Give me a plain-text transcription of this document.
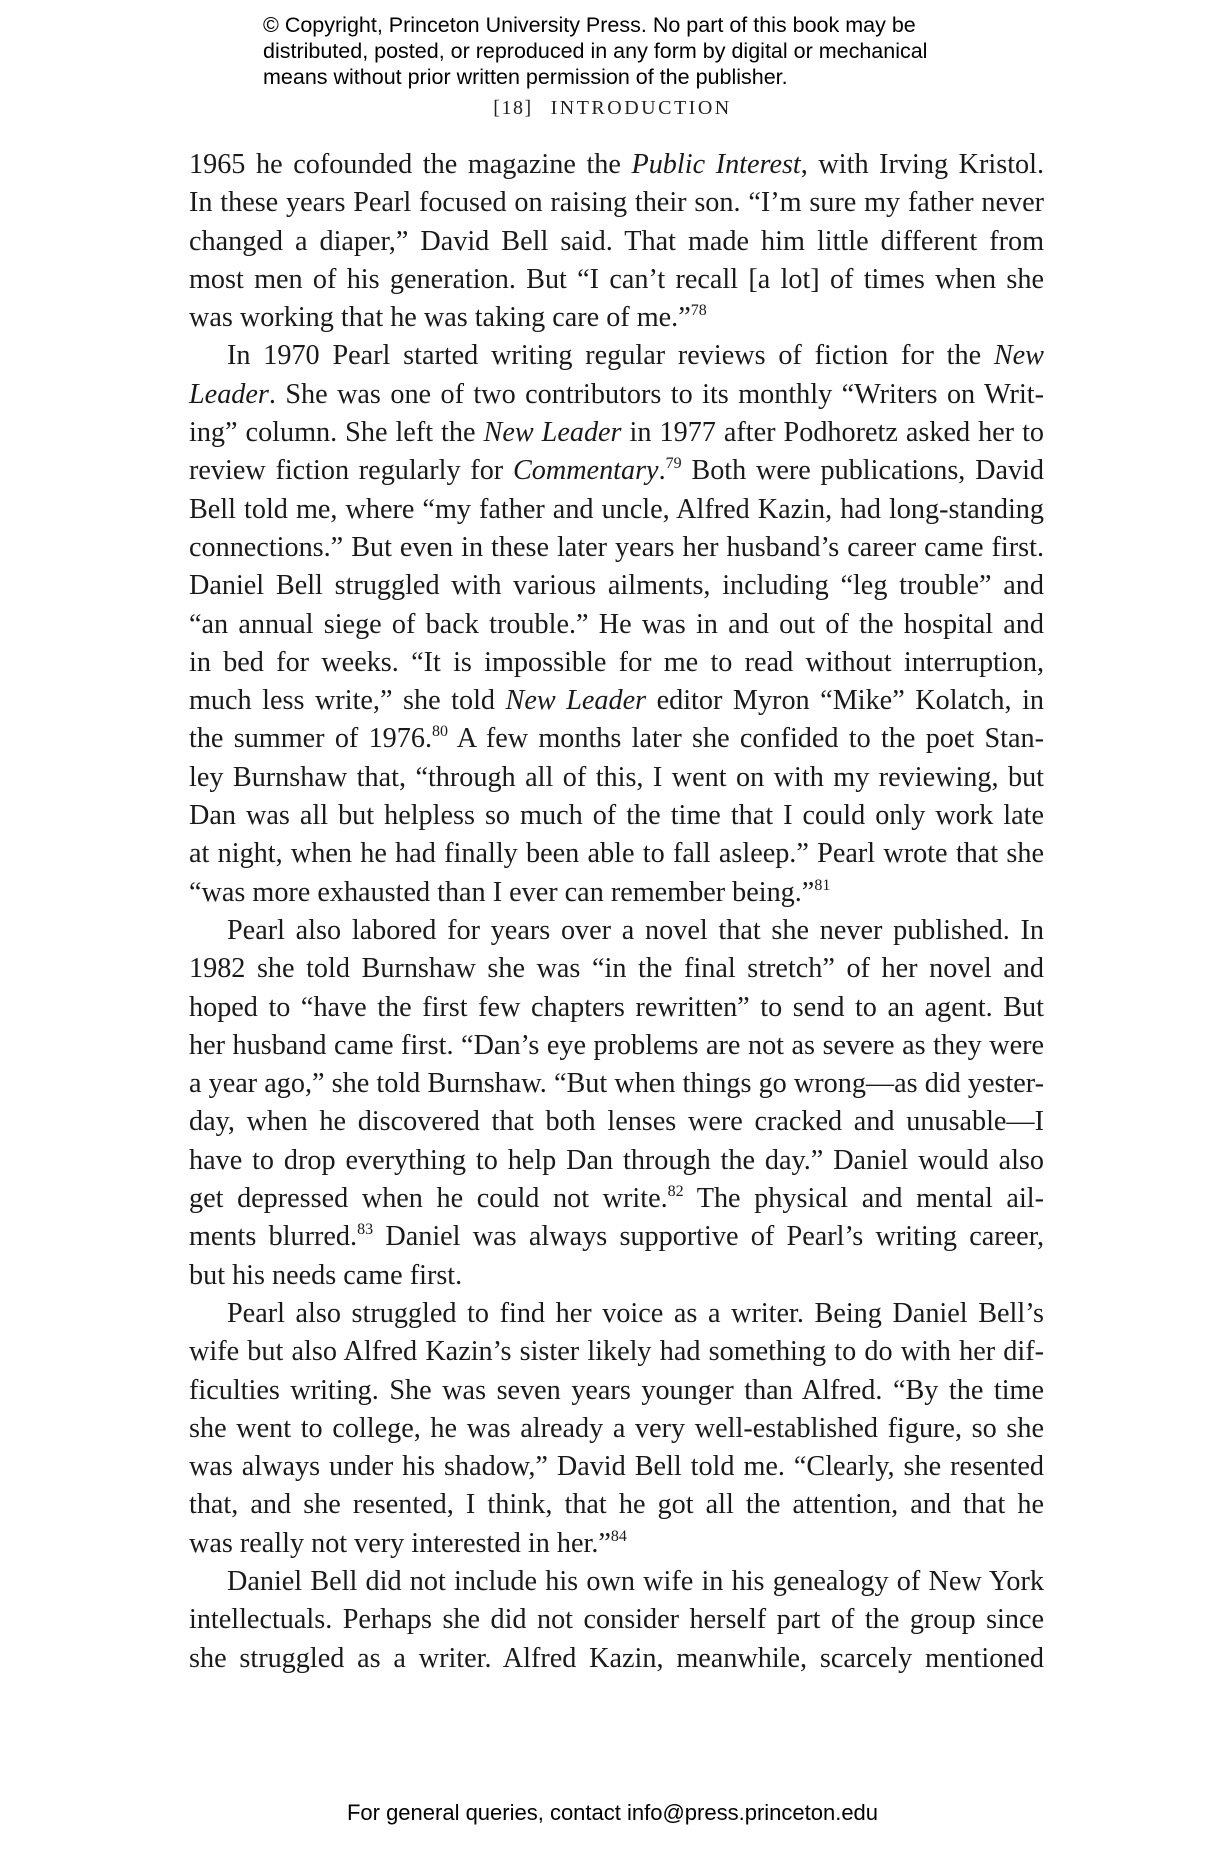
© Copyright, Princeton University Press. No part of this book may be
distributed, posted, or reproduced in any form by digital or mechanical
means without prior written permission of the publisher.
[18] INTRODUCTION

1965 he cofounded the magazine the Public Interest, with Irving Kristol.
In these years Pearl focused on raising their son. “I’m sure my father never
changed a diaper,” David Bell said. That made him little different from
most men of his generation. But “I can’t recall [a lot] of times when she
was working that he was taking care of me.”$^{78}$

In 1970 Pearl started writing regular reviews of fiction for the New
Leader. She was one of two contributors to its monthly “Writers on Writ-
ing” column. She left the New Leader in 1977 after Podhoretz asked her to
review fiction regularly for Commentary.$^{79}$ Both were publications, David
Bell told me, where “my father and uncle, Alfred Kazin, had long-standing
connections.” But even in these later years her husband’s career came first.
Daniel Bell struggled with various ailments, including “leg trouble” and
“an annual siege of back trouble.” He was in and out of the hospital and
in bed for weeks. “It is impossible for me to read without interruption,
much less write,” she told New Leader editor Myron “Mike” Kolatch, in
the summer of 1976.80 A few months later she confided to the poet Stan-
ley Burnshaw that, “through all of this, I went on with my reviewing, but
Dan was all but helpless so much of the time that I could only work late
at night, when he had finally been able to fall asleep.” Pearl wrote that she
“was more exhausted than I ever can remember being.”$^{81}$

Pearl also labored for years over a novel that she never published. In
1982 she told Burnshaw she was “in the final stretch” of her novel and
hoped to “have the first few chapters rewritten” to send to an agent. But
her husband came first. “Dan’s eye problems are not as severe as they were
a year ago,” she told Burnshaw. “But when things go wrong—as did yester-
day, when he discovered that both lenses were cracked and unusable—I
have to drop everything to help Dan through the day.” Daniel would also
get depressed when he could not write.$^{82}$ The physical and mental ail-
ments blurred.$^{83}$ Daniel was always supportive of Pearl’s writing career,
but his needs came first.

Pearl also struggled to find her voice as a writer. Being Daniel Bell’s
wife but also Alfred Kazin’s sister likely had something to do with her dif-
ficulties writing. She was seven years younger than Alfred. “By the time
she went to college, he was already a very well-established figure, so she
was always under his shadow,” David Bell told me. “Clearly, she resented
that, and she resented, I think, that he got all the attention, and that he
was really not very interested in her.”$^{84}$

Daniel Bell did not include his own wife in his genealogy of New York
intellectuals. Perhaps she did not consider herself part of the group since
she struggled as a writer. Alfred Kazin, meanwhile, scarcely mentioned

For general queries, contact info@press.princeton.edu
